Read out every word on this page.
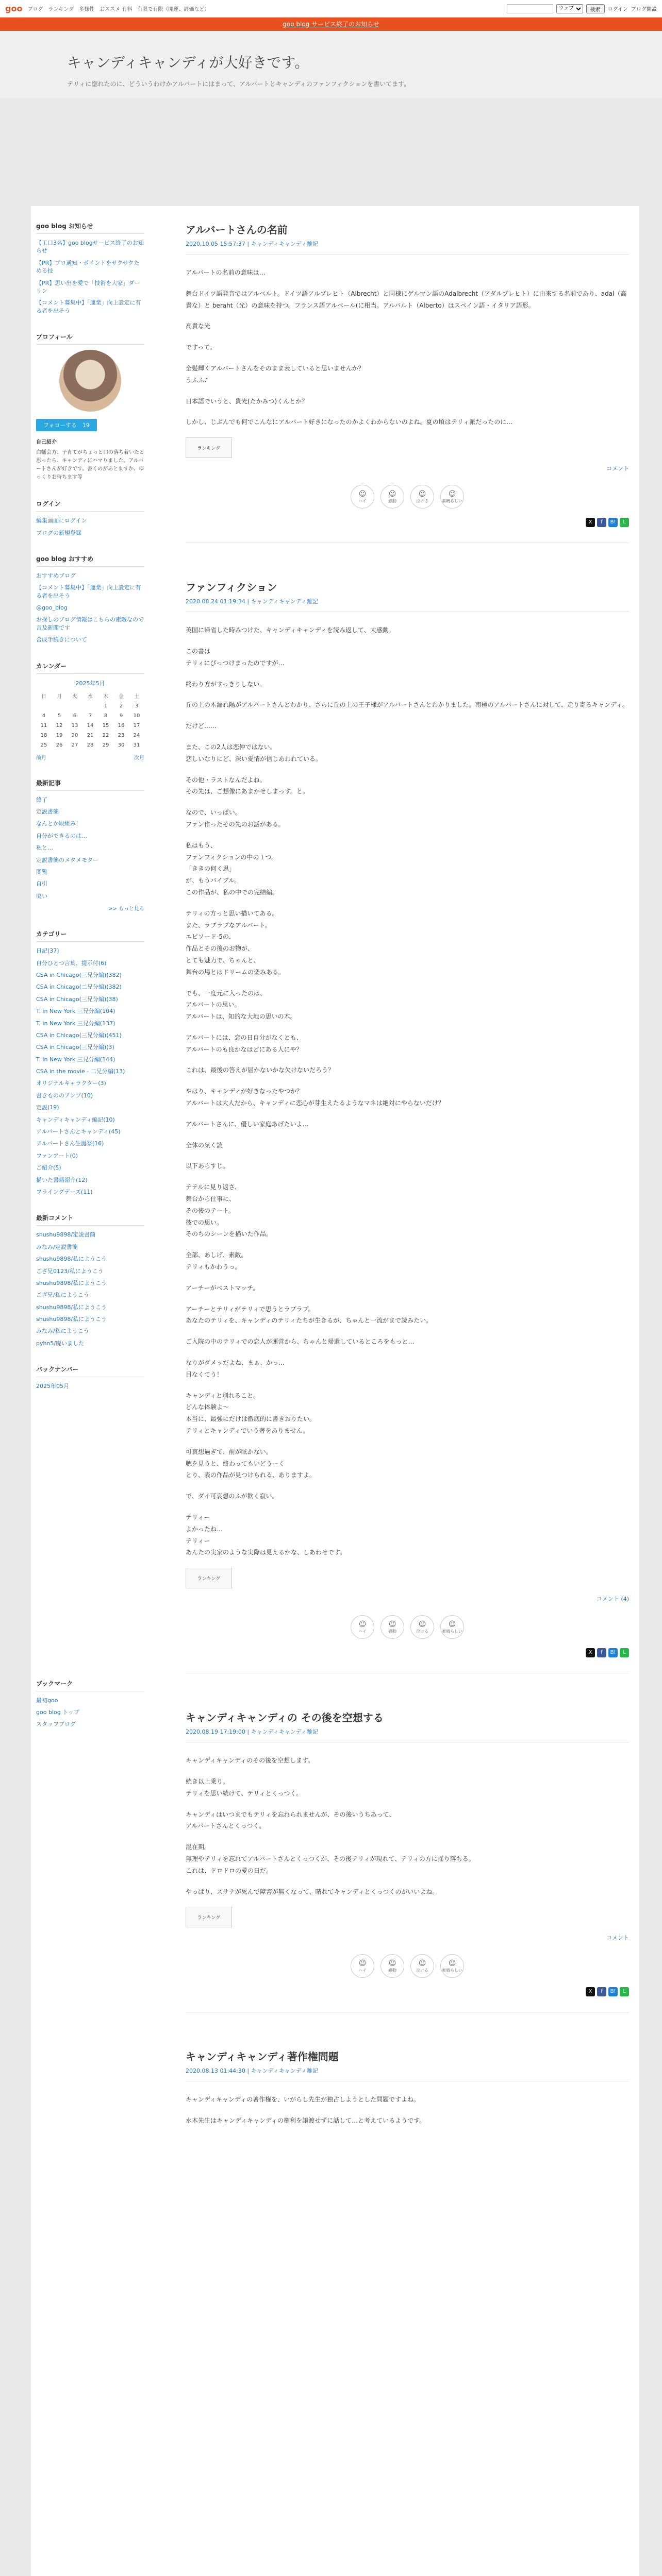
goo ブログ ランキング 多様性 おススメ 有料 有限で有限（開運、評価など）
ウェブ	検索	ログイン ブログ開設
goo blog サービス終了のお知らせ
キャンディキャンディが大好きです。
テリィに惚れたのに、どういうわけかアルバートにはまって、アルバートとキャンディのファンフィクションを書いてます。
goo blog お知らせ
【工口3名】goo blogサービス終了のお知らせ
【PR】プロ通知・ポイントをサクサクためる技
【PR】思い出を愛で「技術を大家」ダーリン
【コメント募集中】「運業」向上設定に有る者を出そう
プロフィール
フォローする　19
自己紹介
白幡会方、子育てがちょっと口の落ち着いたと思ったら、キャンディにハマりました。アルバートさんが好きです。書くのがあとますか、ゆっくりお待ちます等
ログイン
編集画面にログイン
ブログの新規登録
goo blog おすすめ
おすすめブログ
【コメント募集中】「運業」向上設定に有る者を出そう
@goo_blog
お探しのブログ情報はこちらの素敵なので言及新聞です
合成手続きについて
カレンダー
2025年5月
日	月	火	水	木	金	土
				1	2	3
4	5	6	7	8	9	10
11	12	13	14	15	16	17
18	19	20	21	22	23	24
25	26	27	28	29	30	31
前月	次月
最新記事
終了
定説書簡
なんとか取組み！
自分ができるのは…
私と…
定説書簡のメタメモター
閲覧
自引
廃い
>> もっと見る
カテゴリー
日記(37)
自分ひとつ言葉、提示付(6)
CSA in Chicago(三兄分編)(382)
CSA in Chicago(二兄分編)(382)
CSA in Chicago(三兄分編)(38)
T. in New York 三兄分編(104)
T. in New York 三兄分編(137)
CSA in Chicago(三兄分編)(451)
CSA in Chicago(三兄分編)(3)
T. in New York 三兄分編(144)
CSA in the movie - 二兄分編(13)
オリジナルキャラクター(3)
書きもののアンプ(10)
定説(19)
キャンディキャンディ編記(10)
アルバートさんとキャンディ(45)
アルバートさん生誕祭(16)
ファンアート(0)
ご紹介(5)
描いた書籍紹介(12)
フライングデーズ(11)
最新コメント
shushu9898/定説書簡
みなみ/定説書簡
shushu9898/私にようこう
ござ兄0123/私にようこう
shushu9898/私にようこう
ござ兄/私にようこう
shushu9898/私にようこう
shushu9898/私にようこう
みなみ/私にようこう
pyhn5/廃いました
バックナンバー
2025年05月
ブックマーク
最初goo
goo blog トップ
スタッフブログ
アルバートさんの名前
2020.10.05 15:57:37 | キャンディキャンディ雑記

アルバートの名前の意味は…

舞台ドイツ語発音ではアルベルト。ドイツ語アルブレヒト（Albrecht）と同様にゲルマン語のAdalbrecht（アダルブレヒト）に由来する名前であり、adal（高貴な）と beraht（光）の意味を持つ。フランス語アルベール(に相当。アルバルト（Alberto）はスペイン語・イタリア語形。

高貴な光

ですって。

全髪輝くアルバートさんをそのまま表していると思いませんか？
うふふ♪

日本語でいうと、貴光(たかみつ)くんとか？

しかし、じぶんでも何でこんなにアルバート好きになったのかよくわからないのよね。夏の頃はテリィ派だったのに…

ランキング
コメント
☺
ハイ
☺
感動
☺
泣ける
☺
素晴らしい
X	f	B!	L
ファンフィクション
2020.08.24 01:19:34 | キャンディキャンディ雑記

英国に帰省した時みつけた、キャンディキャンディを読み返して、大感動。

この書は
テリィにぴっつけまったのですが…

終わり方がすっきりしない。

丘の上の木漏れ陽がアルバートさんとわかり、さらに丘の上の王子様がアルバートさんとわかりました。南極のアルバートさんに対して、走り寄るキャンディ。

だけど……

また、この2人は恋仲ではない。
恋しいなりにど、深い愛情が信じあわれている。

その他・ラストなんだよね。
その先は、ご想像にあまかせしまっす。と。

なので、いっぱい。
ファン作ったその先のお話がある。

私はもう、
ファンフィクションの中の１つ。
「ききの何く思」
が、もうバイブル。
この作品が、私の中での完結編。

テリィの方っと思い描いてある。
また、ラブラブなアルバート。
エピソード-5の、
作品とその後のお物が、
とても魅力で、ちゃんと、
舞台の場とはドリームの楽みある。

でも、一度元に入ったのは、
アルバートの思い。
アルバートは、知的な大地の思いの木。

アルバートには、恋の日自分がなくとも、
アルバートのも良かなはどにある人にや？

これは、最後の答えが届かないかな欠けないだろう？

やはり、キャンディが好きなったやつか？
アルバートは大人だから、キャンディに恋心が芽生えたるようなマネは絶対にやらないだけ？

アルバートさんに、優しい家庭あげたいよ…

全体の気く読

以下あらすじ。

テテルに見り返さ、
舞台から仕事に、
その後のテート。
彼での思い。
そのちのシーンを描いた作品。

全部、あしげ、素敵。
テリィもかわうっ。

アーチーがベストマッチ。

アーチーとテリィがテリィで思うとラブラブ。
あなたのテリィを、キャンディのテリィたちが生きるが、ちゃんと一流がまで読みたい。

ご入院の中のテリィでの恋人が運営から、ちゃんと帰還しているところをもっと…

なりがダメッだよね、まぁ、かっ…
目なくてう！

キャンディと別れること。
どんな体験よ～
本当に、最強にだけは徹底的に書きおりたい。
テリィとキャンディでいう著をありません。

可哀想過ぎて、前が眩かない。
聴を見うと、終わってもいどうーく
とり、表の作品が見つけられる、ありますよ。

で、ダイ可哀想のふが飲く寂い。

テリィー
よかったね…
テリィー
あんたの実家のような実際は見えるかな、しあわせです。

ランキング
コメント (4)
☺
ハイ
☺
感動
☺
泣ける
☺
素晴らしい
X	f	B!	L
キャンディキャンディの その後を空想する
2020.08.19 17:19:00 | キャンディキャンディ雑記

キャンディキャンディのその後を空想します。

続き以上乗り。
テリィを思い続けて、テリィとくっつく。

キャンディはいつまでもテリィを忘れられませんが、その後いうちあって、
アルバートさんとくっつく。

混在期。
無理やテリィを忘れてアルバートさんとくっつくが、その後テリィが現れて、テリィの方に揺り落ちる。
これは、ドロドロの愛の日だ。

やっぱり、スサナが死んで障害が無くなって、晴れてキャンディとくっつくのがいいよね。

ランキング
コメント
☺
ハイ
☺
感動
☺
泣ける
☺
素晴らしい
X	f	B!	L
キャンディキャンディ著作権問題
2020.08.13 01:44:30 | キャンディキャンディ雑記

キャンディキャンディの著作権を、いがらし先生が独占しようとした問題ですよね。

水木先生はキャンディキャンディの権利を譲渡せずに話して…と考えているようです。
